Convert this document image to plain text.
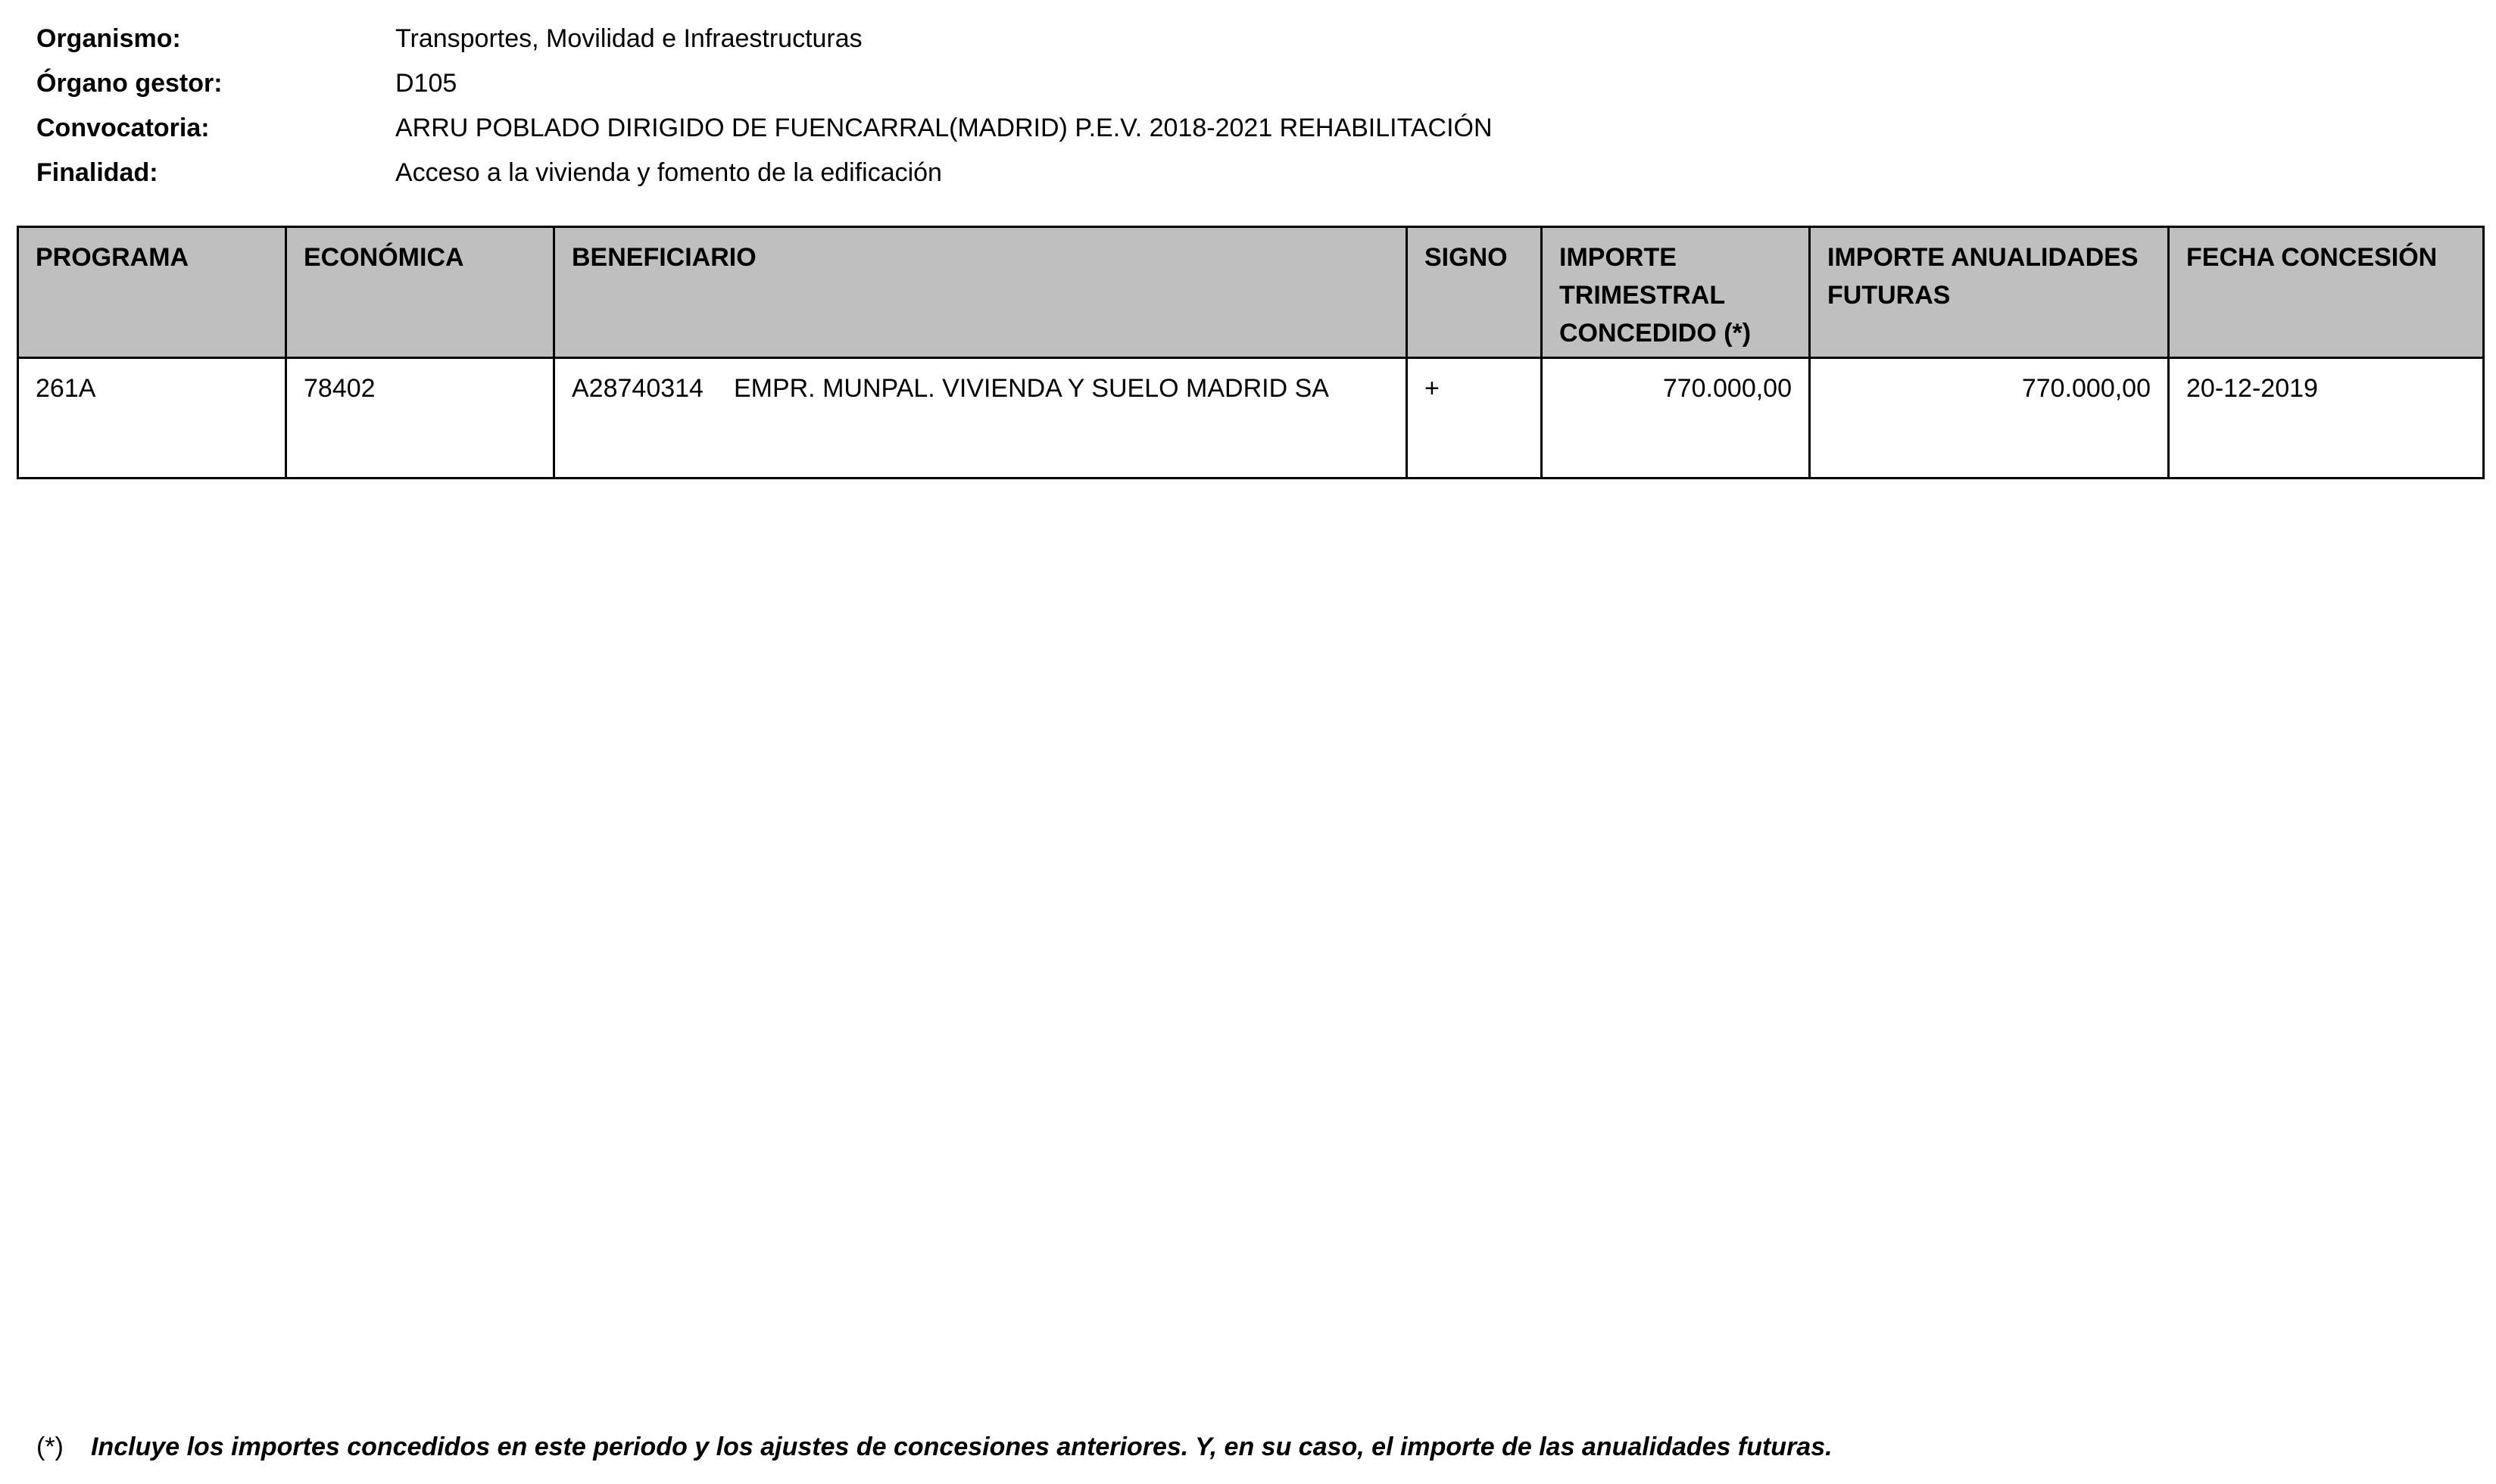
Organismo:	Transportes, Movilidad e Infraestructuras
Órgano gestor:	D105
Convocatoria:	ARRU POBLADO DIRIGIDO DE FUENCARRAL(MADRID) P.E.V. 2018-2021 REHABILITACIÓN
Finalidad:	Acceso a la vivienda y fomento de la edificación
PROGRAMA	ECONÓMICA	BENEFICIARIO	SIGNO	IMPORTE TRIMESTRAL CONCEDIDO (*)	IMPORTE ANUALIDADES FUTURAS	FECHA CONCESIÓN
261A	78402	A28740314 EMPR. MUNPAL. VIVIENDA Y SUELO MADRID SA	+	770.000,00	770.000,00	20-12-2019
(*)	Incluye los importes concedidos en este periodo y los ajustes de concesiones anteriores. Y, en su caso, el importe de las anualidades futuras.
